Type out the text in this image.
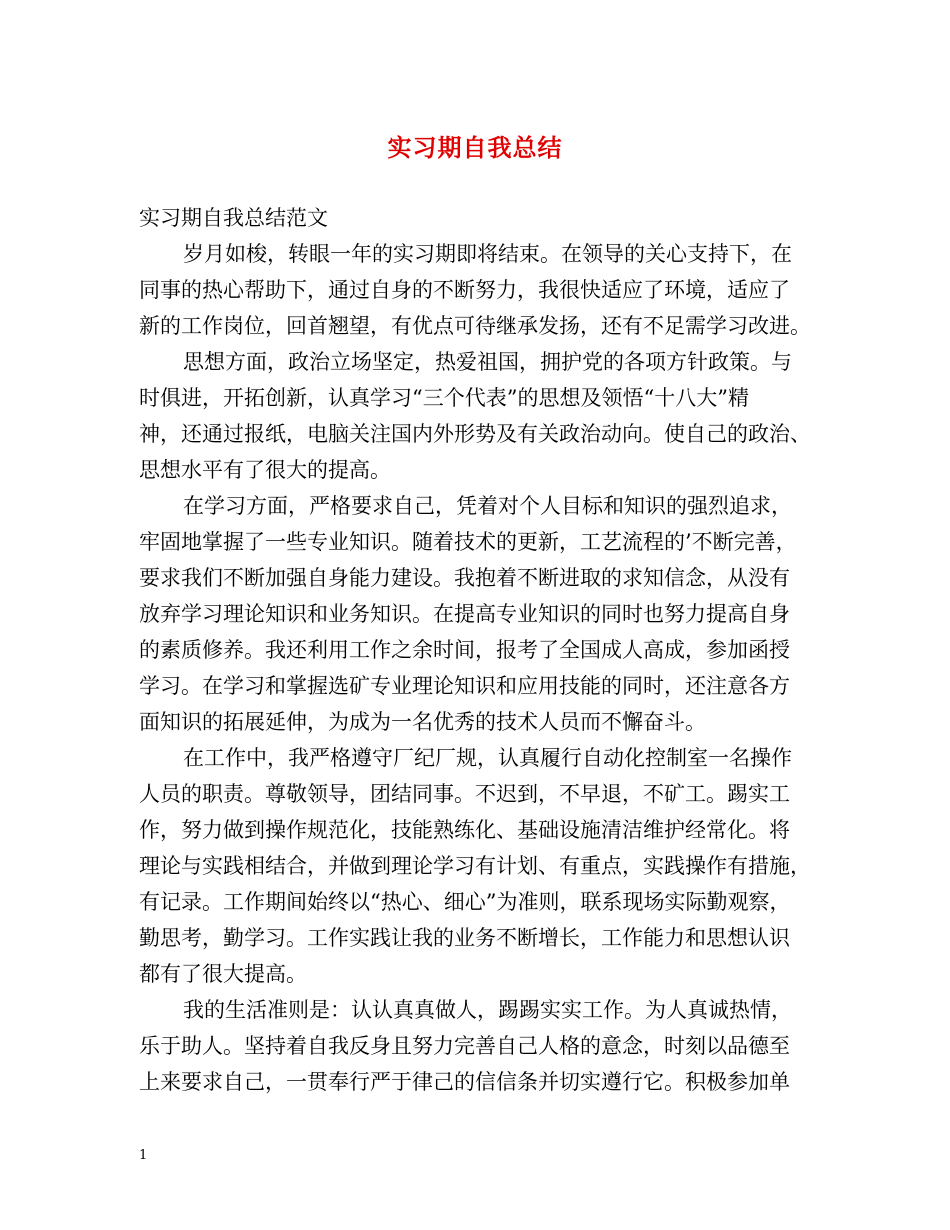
实习期自我总结
实习期自我总结范文
岁月如梭，转眼一年的实习期即将结束。在领导的关心支持下，在
同事的热心帮助下，通过自身的不断努力，我很快适应了环境，适应了
新的工作岗位，回首翘望，有优点可待继承发扬，还有不足需学习改进。
思想方面，政治立场坚定，热爱祖国，拥护党的各项方针政策。与
时俱进，开拓创新，认真学习“三个代表”的思想及领悟“十八大”精
神，还通过报纸，电脑关注国内外形势及有关政治动向。使自己的政治、
思想水平有了很大的提高。
在学习方面，严格要求自己，凭着对个人目标和知识的强烈追求，
牢固地掌握了一些专业知识。随着技术的更新，工艺流程的’不断完善，
要求我们不断加强自身能力建设。我抱着不断进取的求知信念，从没有
放弃学习理论知识和业务知识。在提高专业知识的同时也努力提高自身
的素质修养。我还利用工作之余时间，报考了全国成人高成，参加函授
学习。在学习和掌握选矿专业理论知识和应用技能的同时，还注意各方
面知识的拓展延伸，为成为一名优秀的技术人员而不懈奋斗。
在工作中，我严格遵守厂纪厂规，认真履行自动化控制室一名操作
人员的职责。尊敬领导，团结同事。不迟到，不早退，不矿工。踢实工
作，努力做到操作规范化，技能熟练化、基础设施清洁维护经常化。将
理论与实践相结合，并做到理论学习有计划、有重点，实践操作有措施，
有记录。工作期间始终以“热心、细心”为准则，联系现场实际勤观察，
勤思考，勤学习。工作实践让我的业务不断增长，工作能力和思想认识
都有了很大提高。
我的生活准则是：认认真真做人，踢踢实实工作。为人真诚热情，
乐于助人。坚持着自我反身且努力完善自己人格的意念，时刻以品德至
上来要求自己，一贯奉行严于律己的信信条并切实遵行它。积极参加单
1
